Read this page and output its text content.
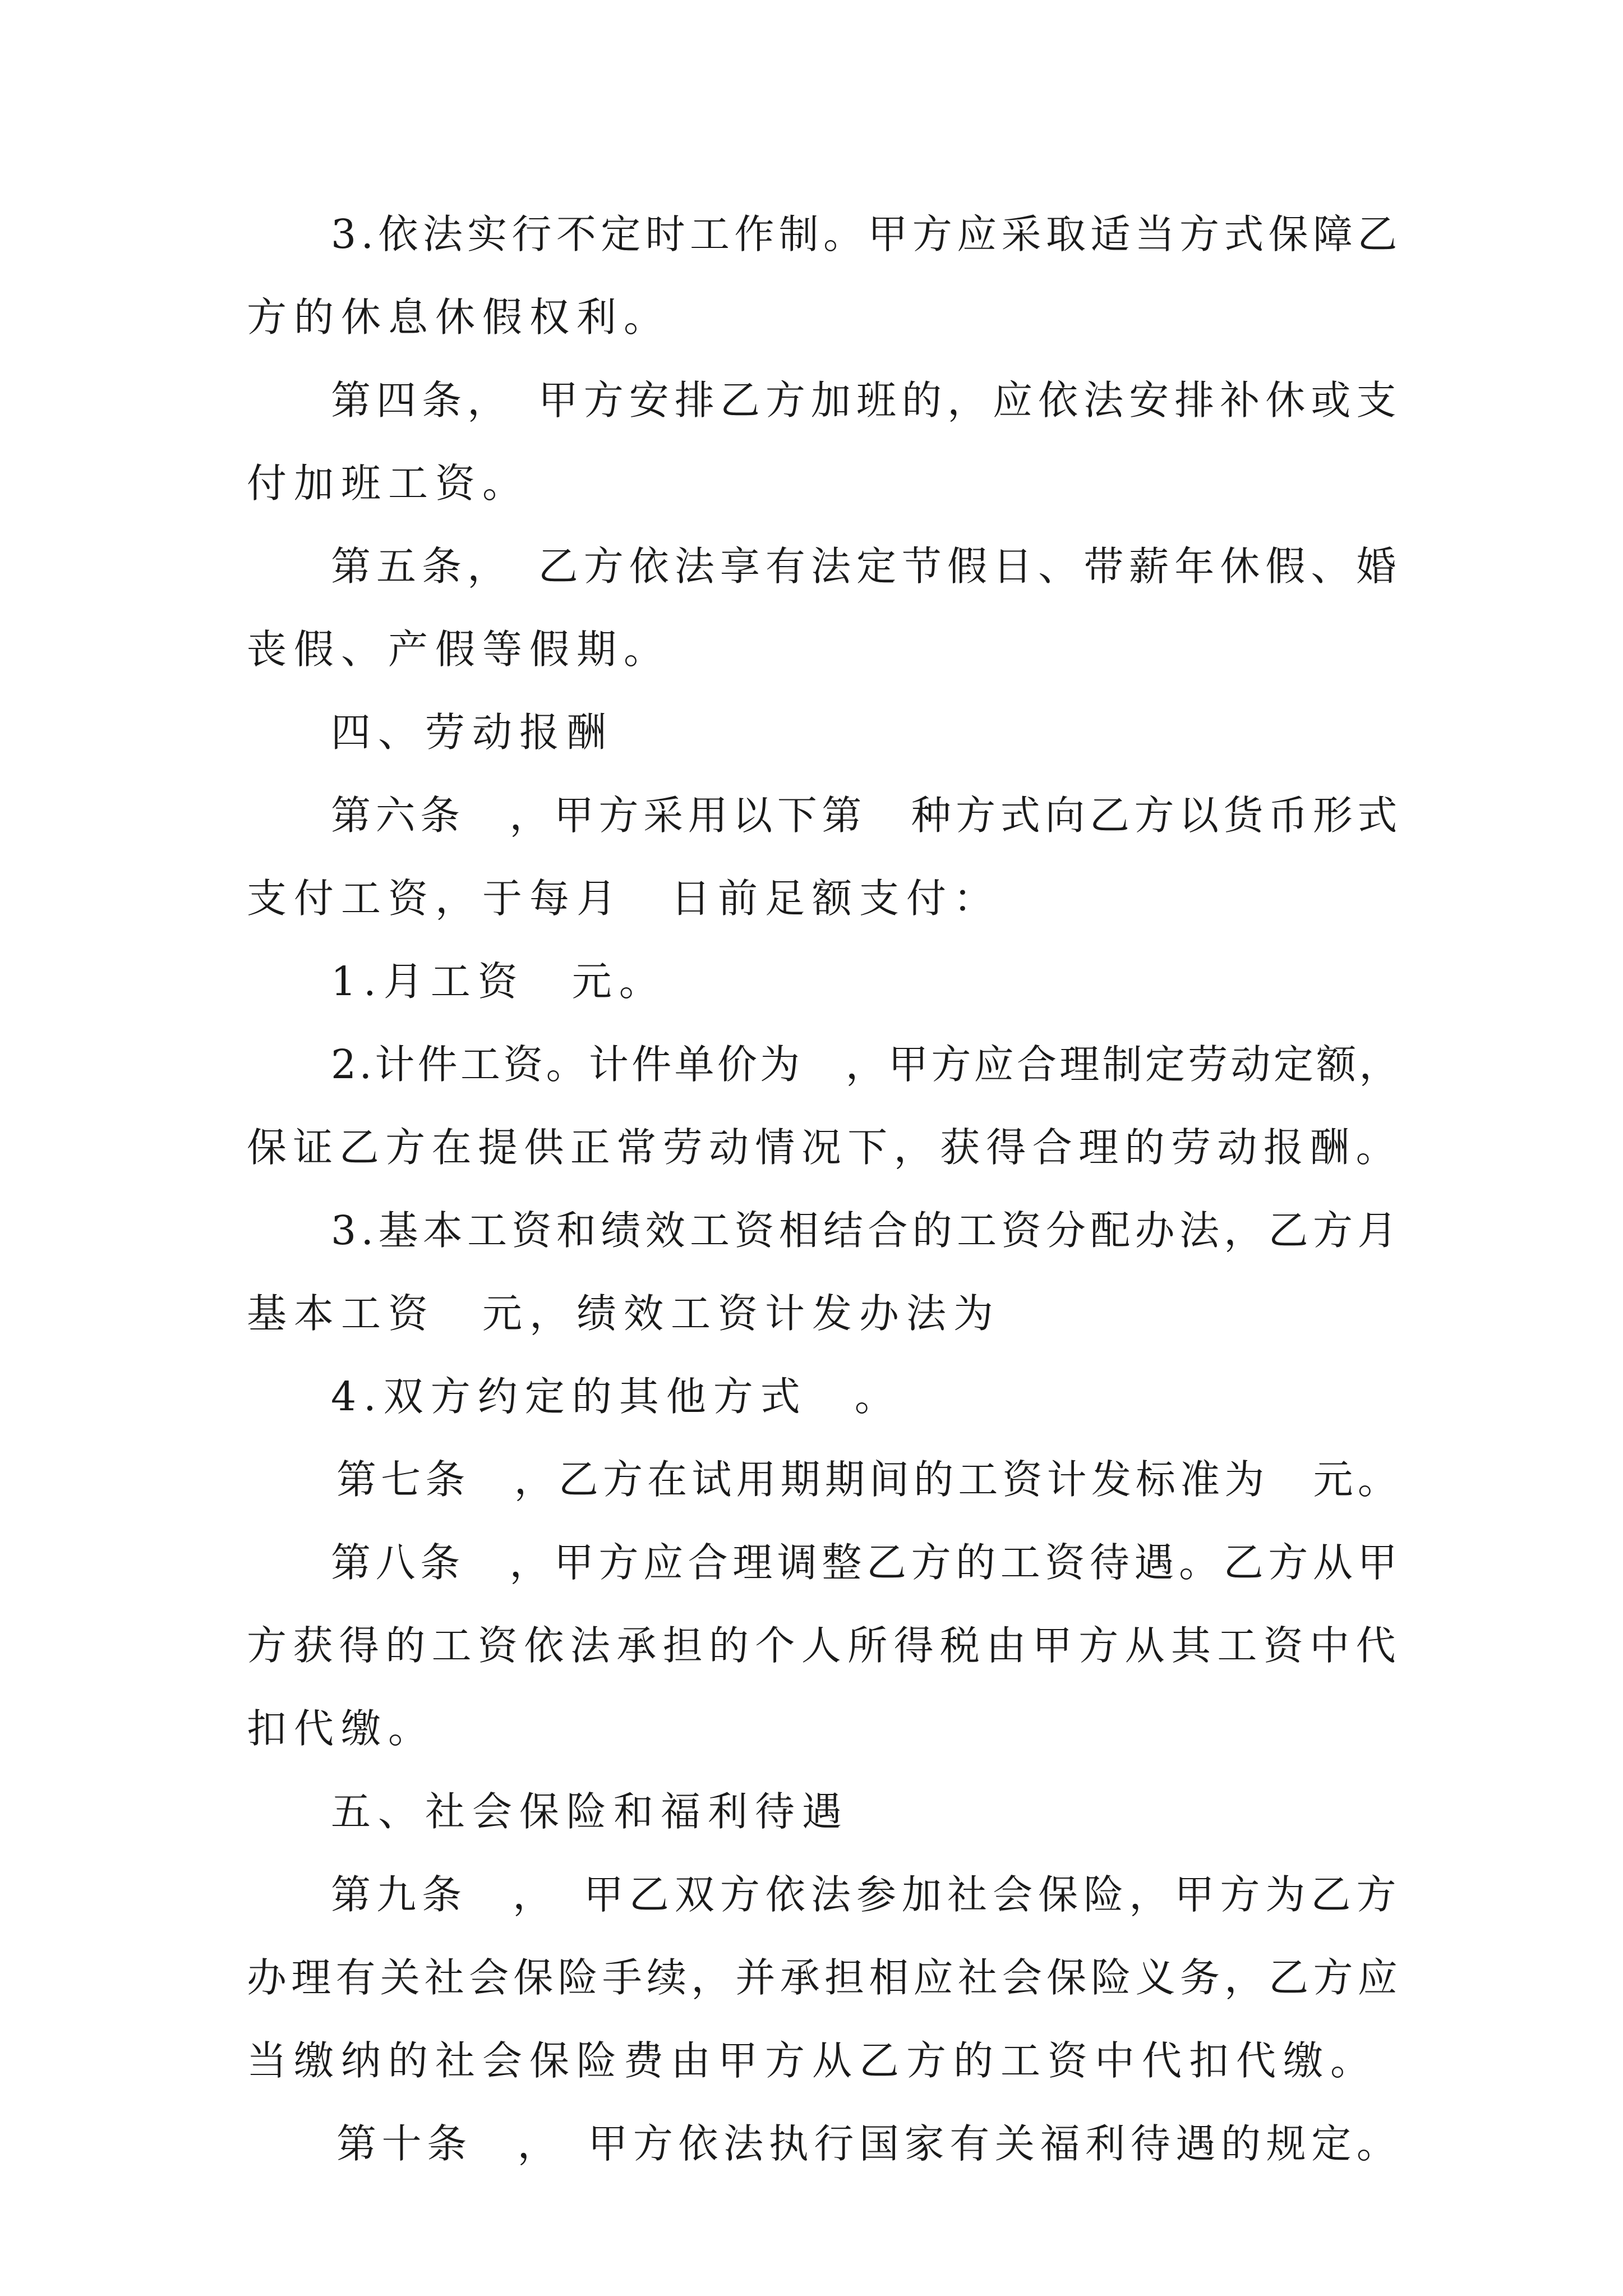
3.依法实行不定时工作制。甲方应采取适当方式保障乙
方的休息休假权利。
第四条，　甲方安排乙方加班的，应依法安排补休或支
付加班工资。
第五条，　乙方依法享有法定节假日、带薪年休假、婚
丧假、产假等假期。
四、劳动报酬
第六条　，甲方采用以下第　种方式向乙方以货币形式
支付工资，于每月　日前足额支付：
1.月工资　元。
2.计件工资。计件单价为　，甲方应合理制定劳动定额，
保证乙方在提供正常劳动情况下，获得合理的劳动报酬。
3.基本工资和绩效工资相结合的工资分配办法，乙方月
基本工资　元，绩效工资计发办法为
4.双方约定的其他方式　。
第七条　，乙方在试用期期间的工资计发标准为　元。
第八条　，甲方应合理调整乙方的工资待遇。乙方从甲
方获得的工资依法承担的个人所得税由甲方从其工资中代
扣代缴。
五、社会保险和福利待遇
第九条　，　甲乙双方依法参加社会保险，甲方为乙方
办理有关社会保险手续，并承担相应社会保险义务，乙方应
当缴纳的社会保险费由甲方从乙方的工资中代扣代缴。
第十条　，　甲方依法执行国家有关福利待遇的规定。
